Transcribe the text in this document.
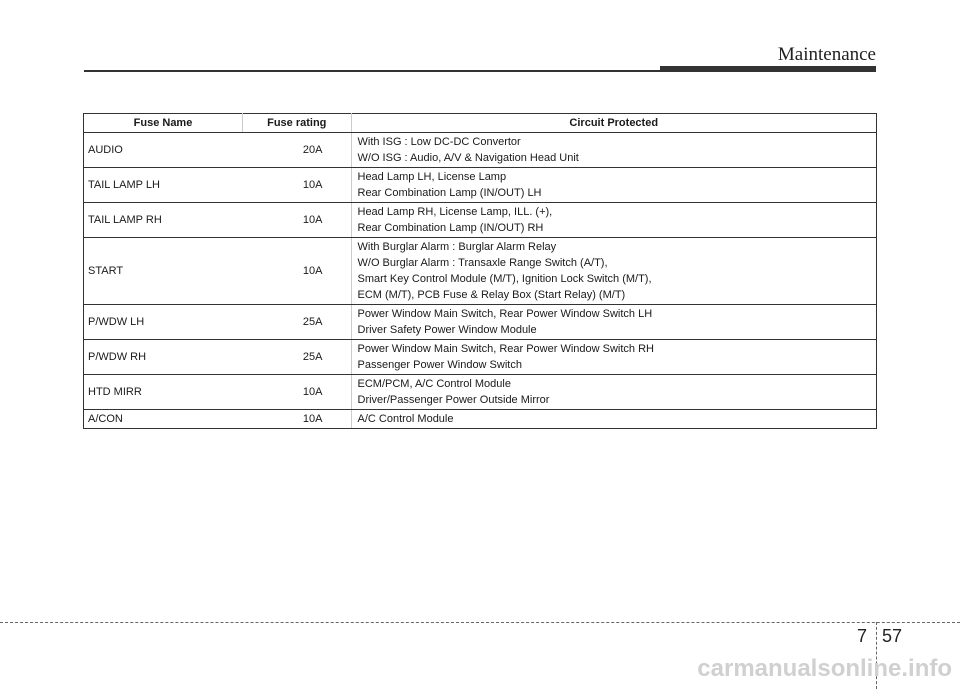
Maintenance
Fuse Name	Fuse rating	Circuit Protected
AUDIO	20A	With ISG : Low DC-DC Convertor
W/O ISG : Audio, A/V & Navigation Head Unit

TAIL LAMP LH	10A	Head Lamp LH, License Lamp
Rear Combination Lamp (IN/OUT) LH

TAIL LAMP RH	10A	Head Lamp RH, License Lamp, ILL. (+),
Rear Combination Lamp (IN/OUT) RH

START	10A	With Burglar Alarm : Burglar Alarm Relay
W/O Burglar Alarm : Transaxle Range Switch (A/T),
Smart Key Control Module (M/T), Ignition Lock Switch (M/T),
ECM (M/T), PCB Fuse & Relay Box (Start Relay) (M/T)

P/WDW LH	25A	Power Window Main Switch, Rear Power Window Switch LH
Driver Safety Power Window Module

P/WDW RH	25A	Power Window Main Switch, Rear Power Window Switch RH
Passenger Power Window Switch

HTD MIRR	10A	ECM/PCM, A/C Control Module
Driver/Passenger Power Outside Mirror

A/CON	10A	A/C Control Module
7 57
carmanualsonline.info
